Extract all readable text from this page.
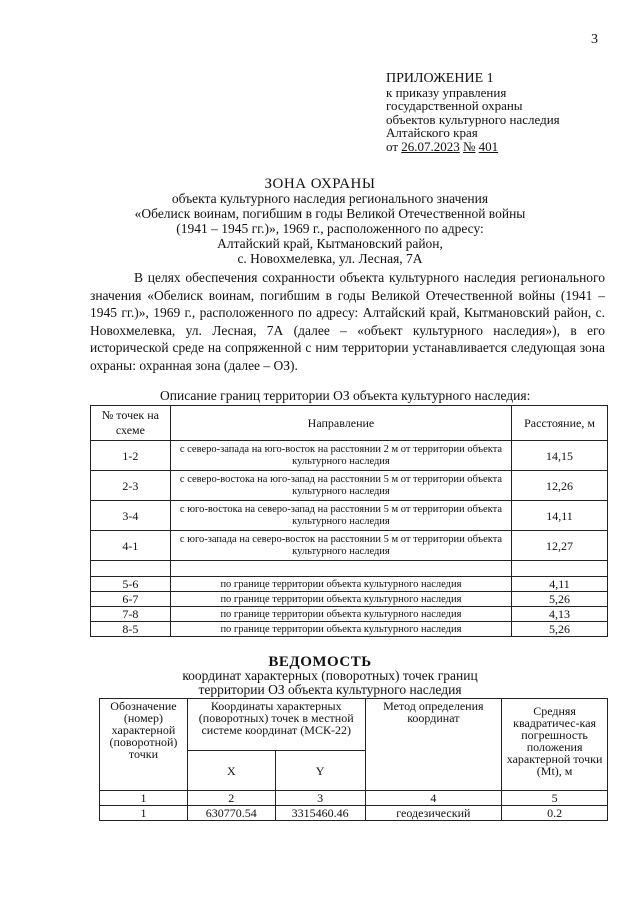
3
ПРИЛОЖЕНИЕ 1
к приказу управления
государственной охраны
объектов культурного наследия
Алтайского края
от 26.07.2023 № 401
ЗОНА ОХРАНЫ
объекта культурного наследия регионального значения
«Обелиск воинам, погибшим в годы Великой Отечественной войны
(1941 – 1945 гг.)», 1969 г., расположенного по адресу:
Алтайский край, Кытмановский район,
с. Новохмелевка, ул. Лесная, 7А
В целях обеспечения сохранности объекта культурного наследия регионального значения «Обелиск воинам, погибшим в годы Великой Отечественной войны (1941 – 1945 гг.)», 1969 г., расположенного по адресу: Алтайский край, Кытмановский район, с. Новохмелевка, ул. Лесная, 7А (далее – «объект культурного наследия»), в его исторической среде на сопряженной с ним территории устанавливается следующая зона охраны: охранная зона (далее – ОЗ).
Описание границ территории ОЗ объекта культурного наследия:
№ точек на схеме	Направление	Расстояние, м
1-2	с северо-запада на юго-восток на расстоянии 2 м от территории объекта культурного наследия	14,15
2-3	с северо-востока на юго-запад на расстоянии 5 м от территории объекта культурного наследия	12,26
3-4	с юго-востока на северо-запад на расстоянии 5 м от территории объекта культурного наследия	14,11
4-1	с юго-запада на северо-восток на расстоянии 5 м от территории объекта культурного наследия	12,27

5-6	по границе территории объекта культурного наследия	4,11
6-7	по границе территории объекта культурного наследия	5,26
7-8	по границе территории объекта культурного наследия	4,13
8-5	по границе территории объекта культурного наследия	5,26
ВЕДОМОСТЬ
координат характерных (поворотных) точек границ
территории ОЗ объекта культурного наследия
Обозначение (номер) характерной (поворотной) точки	Координаты характерных (поворотных) точек в местной системе координат (МСК-22)		Метод определения координат	Средняя квадратичес-кая погрешность положения характерной точки (Mt), м
	X	Y		
1	2	3	4	5
1	630770.54	3315460.46	геодезический	0.2
